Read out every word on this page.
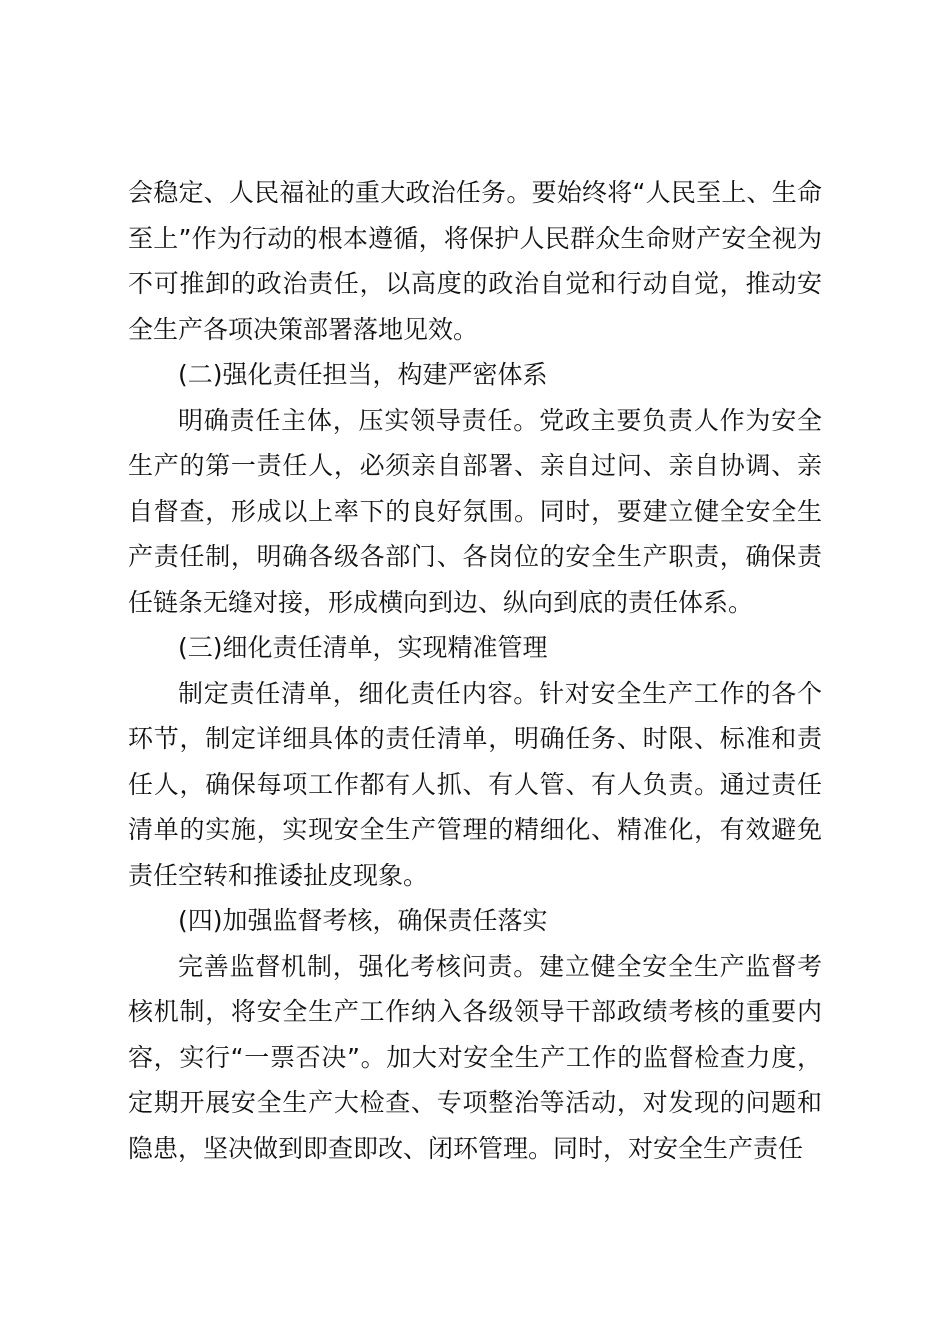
会稳定、人民福祉的重大政治任务。要始终将“人民至上、生命至上”作为行动的根本遵循，将保护人民群众生命财产安全视为不可推卸的政治责任，以高度的政治自觉和行动自觉，推动安全生产各项决策部署落地见效。

(二)强化责任担当，构建严密体系

明确责任主体，压实领导责任。党政主要负责人作为安全生产的第一责任人，必须亲自部署、亲自过问、亲自协调、亲自督查，形成以上率下的良好氛围。同时，要建立健全安全生产责任制，明确各级各部门、各岗位的安全生产职责，确保责任链条无缝对接，形成横向到边、纵向到底的责任体系。

(三)细化责任清单，实现精准管理

制定责任清单，细化责任内容。针对安全生产工作的各个环节，制定详细具体的责任清单，明确任务、时限、标准和责任人，确保每项工作都有人抓、有人管、有人负责。通过责任清单的实施，实现安全生产管理的精细化、精准化，有效避免责任空转和推诿扯皮现象。

(四)加强监督考核，确保责任落实

完善监督机制，强化考核问责。建立健全安全生产监督考核机制，将安全生产工作纳入各级领导干部政绩考核的重要内容，实行“一票否决”。加大对安全生产工作的监督检查力度，定期开展安全生产大检查、专项整治等活动，对发现的问题和隐患，坚决做到即查即改、闭环管理。同时，对安全生产责任
